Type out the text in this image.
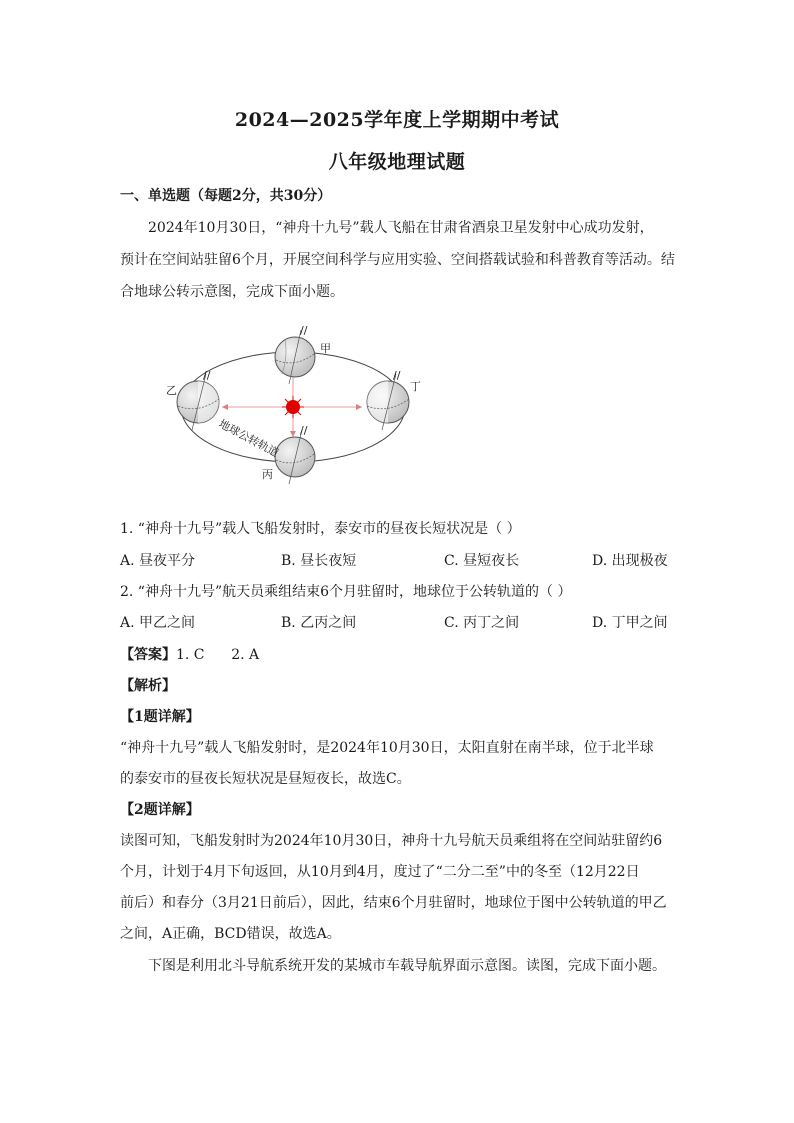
2024—2025学年度上学期期中考试
八年级地理试题
一、单选题（每题2分，共30分）
2024年10月30日，“神舟十九号”载人飞船在甘肃省酒泉卫星发射中心成功发射，
预计在空间站驻留6个月，开展空间科学与应用实验、空间搭载试验和科普教育等活动。结
合地球公转示意图，完成下面小题。
//
甲
//
乙
//
丁
//
丙
地球公转轨道
1. “神舟十九号”载人飞船发射时，泰安市的昼夜长短状况是（ ）
A. 昼夜平分	B. 昼长夜短	C. 昼短夜长	D. 出现极夜
2. “神舟十九号”航天员乘组结束6个月驻留时，地球位于公转轨道的（ ）
A. 甲乙之间	B. 乙丙之间	C. 丙丁之间	D. 丁甲之间
【答案】1. C      2. A
【解析】
【1题详解】
“神舟十九号”载人飞船发射时，是2024年10月30日，太阳直射在南半球，位于北半球
的泰安市的昼夜长短状况是昼短夜长，故选C。
【2题详解】
读图可知，飞船发射时为2024年10月30日，神舟十九号航天员乘组将在空间站驻留约6
个月，计划于4月下旬返回，从10月到4月，度过了“二分二至”中的冬至（12月22日
前后）和春分（3月21日前后），因此，结束6个月驻留时，地球位于图中公转轨道的甲乙
之间，A正确，BCD错误，故选A。
下图是利用北斗导航系统开发的某城市车载导航界面示意图。读图，完成下面小题。
